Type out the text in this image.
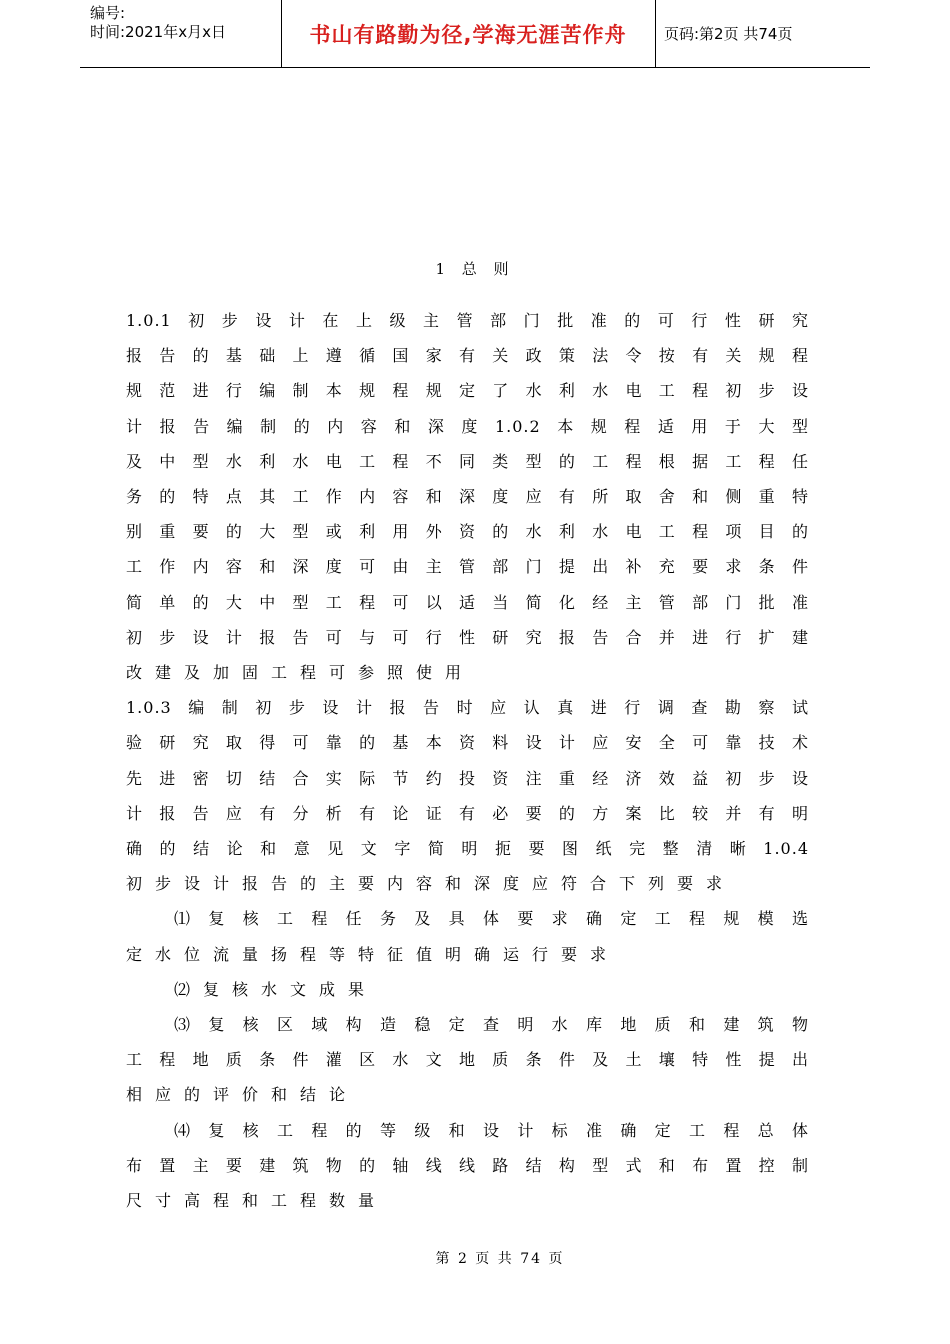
编号:
时间:2021年x月x日	书山有路勤为径,学海无涯苦作舟	页码:第2页 共74页
1 总 则

1.0.1初步设计在上级主管部门批准的可行性研究
报告的基础上遵循国家有关政策法令按有关规程
规范进行编制本规程规定了水利水电工程初步设
计报告编制的内容和深度1.0.2本规程适用于大型
及中型水利水电工程不同类型的工程根据工程任
务的特点其工作内容和深度应有所取舍和侧重特
别重要的大型或利用外资的水利水电工程项目的
工作内容和深度可由主管部门提出补充要求条件
简单的大中型工程可以适当简化经主管部门批准
初步设计报告可与可行性研究报告合并进行扩建
改建及加固工程可参照使用

1.0.3编制初步设计报告时应认真进行调查勘察试
验研究取得可靠的基本资料设计应安全可靠技术
先进密切结合实际节约投资注重经济效益初步设
计报告应有分析有论证有必要的方案比较并有明
确的结论和意见文字简明扼要图纸完整清晰1.0.4
初步设计报告的主要内容和深度应符合下列要求

⑴复核工程任务及具体要求确定工程规模选
定水位流量扬程等特征值明确运行要求

⑵复核水文成果

⑶复核区域构造稳定查明水库地质和建筑物
工程地质条件灌区水文地质条件及土壤特性提出
相应的评价和结论

⑷复核工程的等级和设计标准确定工程总体
布置主要建筑物的轴线线路结构型式和布置控制
尺寸高程和工程数量

第 2 页 共 74 页
